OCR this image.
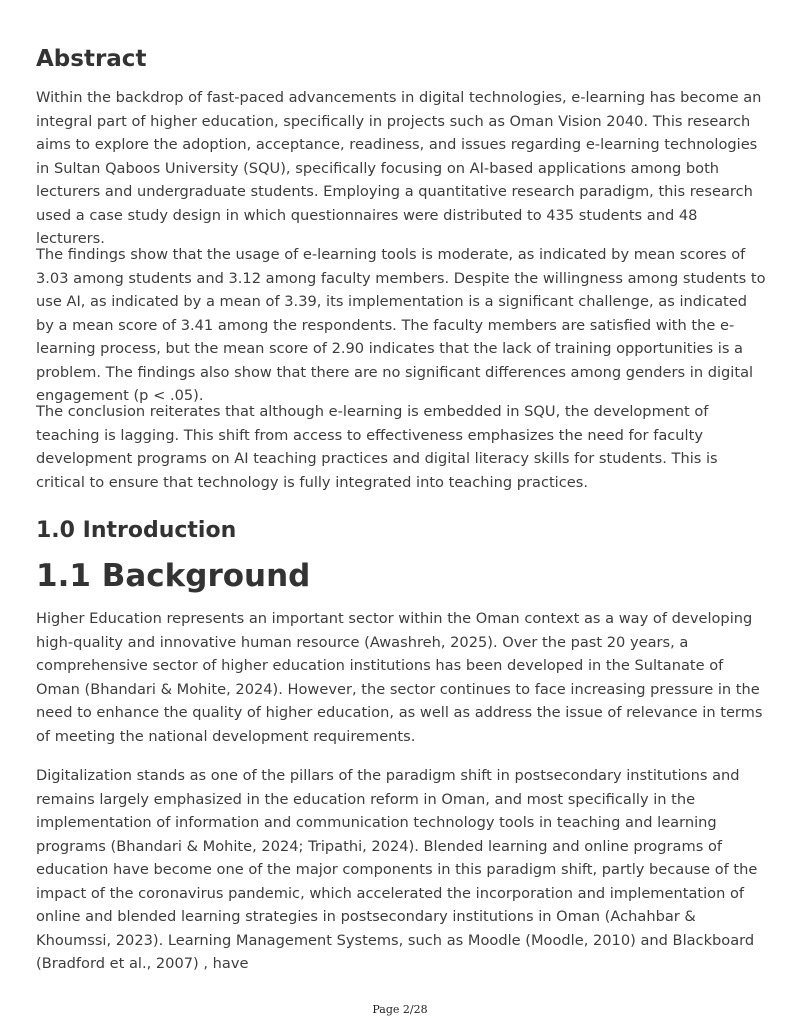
Abstract

Within the backdrop of fast-paced advancements in digital technologies, e-learning has become an integral part of higher education, specifically in projects such as Oman Vision 2040. This research aims to explore the adoption, acceptance, readiness, and issues regarding e-learning technologies in Sultan Qaboos University (SQU), specifically focusing on AI-based applications among both lecturers and undergraduate students. Employing a quantitative research paradigm, this research used a case study design in which questionnaires were distributed to 435 students and 48 lecturers.

The findings show that the usage of e-learning tools is moderate, as indicated by mean scores of 3.03 among students and 3.12 among faculty members. Despite the willingness among students to use AI, as indicated by a mean of 3.39, its implementation is a significant challenge, as indicated by a mean score of 3.41 among the respondents. The faculty members are satisfied with the e-learning process, but the mean score of 2.90 indicates that the lack of training opportunities is a problem. The findings also show that there are no significant differences among genders in digital engagement (p < .05).

The conclusion reiterates that although e-learning is embedded in SQU, the development of teaching is lagging. This shift from access to effectiveness emphasizes the need for faculty development programs on AI teaching practices and digital literacy skills for students. This is critical to ensure that technology is fully integrated into teaching practices.

1.0 Introduction
1.1 Background

Higher Education represents an important sector within the Oman context as a way of developing high-quality and innovative human resource (Awashreh, 2025). Over the past 20 years, a comprehensive sector of higher education institutions has been developed in the Sultanate of Oman (Bhandari & Mohite, 2024). However, the sector continues to face increasing pressure in the need to enhance the quality of higher education, as well as address the issue of relevance in terms of meeting the national development requirements.

Digitalization stands as one of the pillars of the paradigm shift in postsecondary institutions and remains largely emphasized in the education reform in Oman, and most specifically in the implementation of information and communication technology tools in teaching and learning programs (Bhandari & Mohite, 2024; Tripathi, 2024). Blended learning and online programs of education have become one of the major components in this paradigm shift, partly because of the impact of the coronavirus pandemic, which accelerated the incorporation and implementation of online and blended learning strategies in postsecondary institutions in Oman (Achahbar & Khoumssi, 2023). Learning Management Systems, such as Moodle (Moodle, 2010) and Blackboard (Bradford et al., 2007) , have

Page 2/28
